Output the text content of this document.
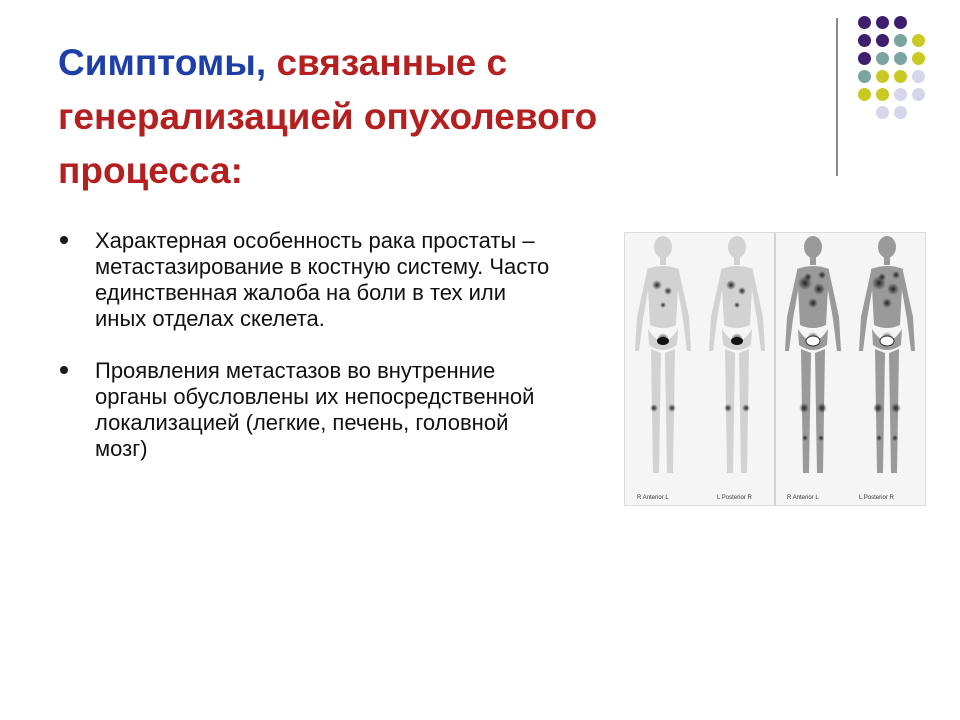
Симптомы, связанные с генерализацией опухолевого процесса:
Характерная особенность рака простаты – метастазирование в костную систему. Часто единственная жалоба на боли в тех или иных отделах скелета.
Проявления метастазов во внутренние органы обусловлены их непосредственной локализацией (легкие, печень, головной мозг)
R Anterior L	L Posterior R	R Anterior L	L Posterior R
